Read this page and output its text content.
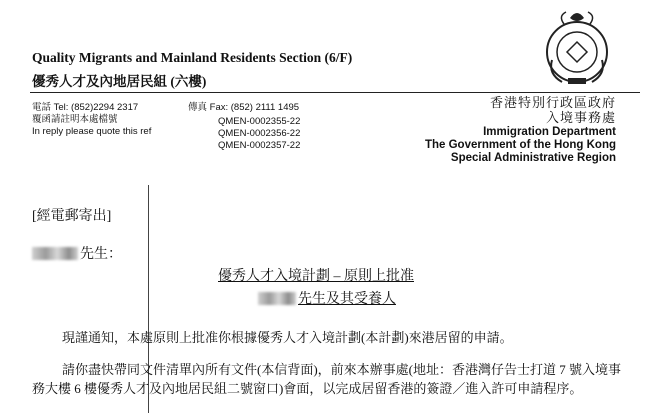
Quality Migrants and Mainland Residents Section (6/F)
優秀人才及內地居民組 (六樓)
電話 Tel: (852)2294 2317
覆函請註明本處檔號
In reply please quote this ref
傳真 Fax: (852) 2111 1495
QMEN-0002355-22
QMEN-0002356-22
QMEN-0002357-22
香港特別行政區政府
入境事務處
Immigration Department
The Government of the Hong Kong
Special Administrative Region
[經電郵寄出]
先生：
優秀人才入境計劃 – 原則上批准
先生及其受養人
現謹通知，本處原則上批准你根據優秀人才入境計劃(本計劃)來港居留的申請。
請你盡快帶同文件清單內所有文件(本信背面)，前來本辦事處(地址：香港灣仔告士打道 7 號入境事務大樓 6 樓優秀人才及內地居民組二號窗口)會面，以完成居留香港的簽證／進入許可申請程序。
